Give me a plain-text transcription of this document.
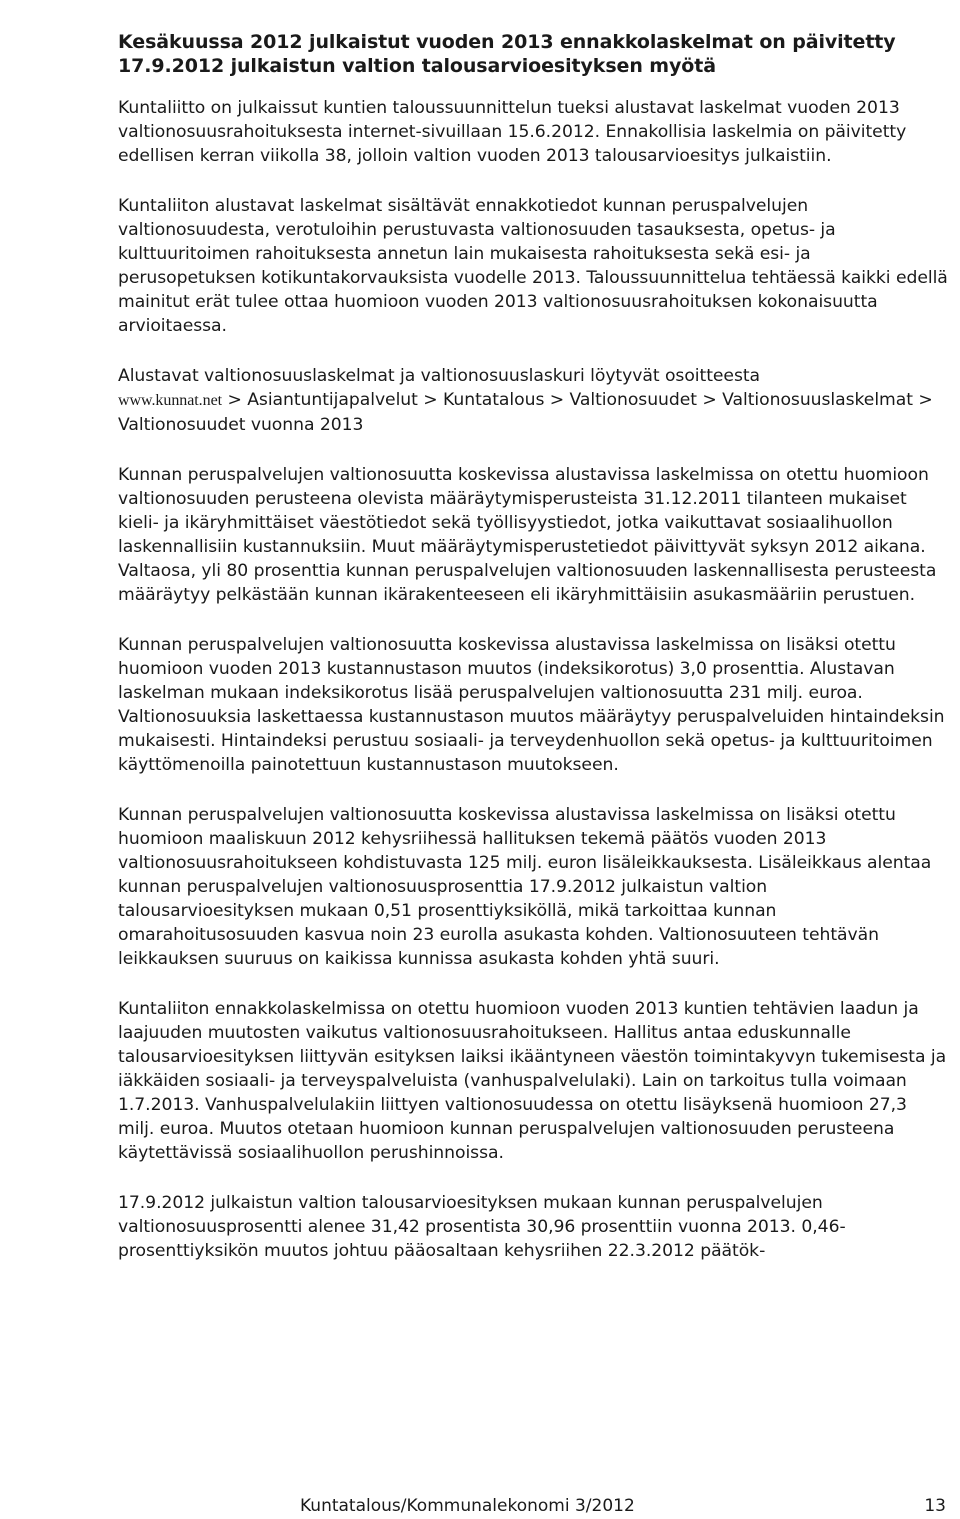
Kesäkuussa 2012 julkaistut vuoden 2013 ennakkolaskelmat on päivitetty 17.9.2012 julkaistun valtion talousarvioesityksen myötä
Kuntaliitto on julkaissut kuntien taloussuunnittelun tueksi alustavat laskelmat vuoden 2013 valtionosuusrahoituksesta internet-sivuillaan 15.6.2012. Ennakollisia laskelmia on päivitetty edellisen kerran viikolla 38, jolloin valtion vuoden 2013 talousarvioesitys julkaistiin.
Kuntaliiton alustavat laskelmat sisältävät ennakkotiedot kunnan peruspalvelujen valtionosuudesta, verotuloihin perustuvasta valtionosuuden tasauksesta, opetus- ja kulttuuritoimen rahoituksesta annetun lain mukaisesta rahoituksesta sekä esi- ja perusopetuksen kotikuntakorvauksista vuodelle 2013. Taloussuunnittelua tehtäessä kaikki edellä mainitut erät tulee ottaa huomioon vuoden 2013 valtionosuusrahoituksen kokonaisuutta arvioitaessa.
Alustavat valtionosuuslaskelmat ja valtionosuuslaskuri löytyvät osoitteesta
www.kunnat.net > Asiantuntijapalvelut > Kuntatalous > Valtionosuudet > Valtionosuuslaskelmat > Valtionosuudet vuonna 2013
Kunnan peruspalvelujen valtionosuutta koskevissa alustavissa laskelmissa on otettu huomioon valtionosuuden perusteena olevista määräytymisperusteista 31.12.2011 tilanteen mukaiset kieli- ja ikäryhmittäiset väestötiedot sekä työllisyystiedot, jotka vaikuttavat sosiaalihuollon laskennallisiin kustannuksiin. Muut määräytymisperustetiedot päivittyvät syksyn 2012 aikana. Valtaosa, yli 80 prosenttia kunnan peruspalvelujen valtionosuuden laskennallisesta perusteesta määräytyy pelkästään kunnan ikärakenteeseen eli ikäryhmittäisiin asukasmääriin perustuen.
Kunnan peruspalvelujen valtionosuutta koskevissa alustavissa laskelmissa on lisäksi otettu huomioon vuoden 2013 kustannustason muutos (indeksikorotus) 3,0 prosenttia. Alustavan laskelman mukaan indeksikorotus lisää peruspalvelujen valtionosuutta 231 milj. euroa. Valtionosuuksia laskettaessa kustannustason muutos määräytyy peruspalveluiden hintaindeksin mukaisesti. Hintaindeksi perustuu sosiaali- ja terveydenhuollon sekä opetus- ja kulttuuritoimen käyttömenoilla painotettuun kustannustason muutokseen.
Kunnan peruspalvelujen valtionosuutta koskevissa alustavissa laskelmissa on lisäksi otettu huomioon maaliskuun 2012 kehysriihessä hallituksen tekemä päätös vuoden 2013 valtionosuusrahoitukseen kohdistuvasta 125 milj. euron lisäleikkauksesta. Lisäleikkaus alentaa kunnan peruspalvelujen valtionosuusprosenttia 17.9.2012 julkaistun valtion talousarvioesityksen mukaan 0,51 prosenttiyksiköllä, mikä tarkoittaa kunnan omarahoitusosuuden kasvua noin 23 eurolla asukasta kohden. Valtionosuuteen tehtävän leikkauksen suuruus on kaikissa kunnissa asukasta kohden yhtä suuri.
Kuntaliiton ennakkolaskelmissa on otettu huomioon vuoden 2013 kuntien tehtävien laadun ja laajuuden muutosten vaikutus valtionosuusrahoitukseen. Hallitus antaa eduskunnalle talousarvioesityksen liittyvän esityksen laiksi ikääntyneen väestön toimintakyvyn tukemisesta ja iäkkäiden sosiaali- ja terveyspalveluista (vanhuspalvelulaki). Lain on tarkoitus tulla voimaan 1.7.2013. Vanhuspalvelulakiin liittyen valtionosuudessa on otettu lisäyksenä huomioon 27,3 milj. euroa. Muutos otetaan huomioon kunnan peruspalvelujen valtionosuuden perusteena käytettävissä sosiaalihuollon perushinnoissa.
17.9.2012 julkaistun valtion talousarvioesityksen mukaan kunnan peruspalvelujen valtionosuusprosentti alenee 31,42 prosentista 30,96 prosenttiin vuonna 2013. 0,46-prosenttiyksikön muutos johtuu pääosaltaan kehysriihen 22.3.2012 päätök-
Kuntatalous/Kommunalekonomi 3/2012	13
